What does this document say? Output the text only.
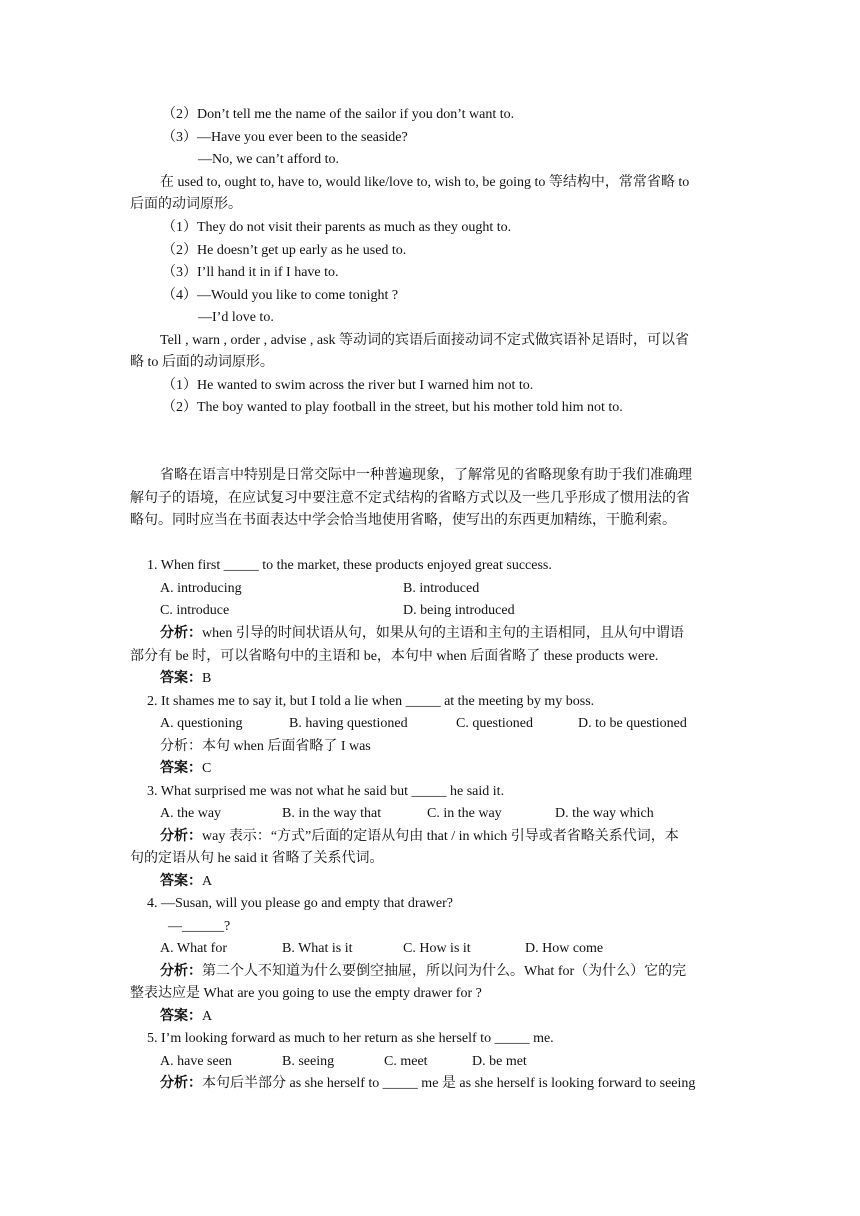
（2）Don’t tell me the name of the sailor if you don’t want to.
（3）—Have you ever been to the seaside?
—No, we can’t afford to.
在 used to, ought to, have to, would like/love to, wish to, be going to 等结构中，常常省略 to
后面的动词原形。
（1）They do not visit their parents as much as they ought to.
（2）He doesn’t get up early as he used to.
（3）I’ll hand it in if I have to.
（4）—Would you like to come tonight ?
—I’d love to.
Tell , warn , order , advise , ask 等动词的宾语后面接动词不定式做宾语补足语时，可以省
略 to 后面的动词原形。
（1）He wanted to swim across the river but I warned him not to.
（2）The boy wanted to play football in the street, but his mother told him not to.
省略在语言中特别是日常交际中一种普遍现象，了解常见的省略现象有助于我们准确理
解句子的语境，在应试复习中要注意不定式结构的省略方式以及一些几乎形成了惯用法的省
略句。同时应当在书面表达中学会恰当地使用省略，使写出的东西更加精练，干脆利索。
1. When first _____ to the market, these products enjoyed great success.
A. introducing	B. introduced
C. introduce	D. being introduced
分析：when 引导的时间状语从句，如果从句的主语和主句的主语相同，且从句中谓语
部分有 be 时，可以省略句中的主语和 be，本句中 when 后面省略了 these products were.
答案：B
2. It shames me to say it, but I told a lie when _____ at the meeting by my boss.
A. questioning	B. having questioned	C. questioned	D. to be questioned
分析：本句 when 后面省略了 I was
答案：C
3. What surprised me was not what he said but _____ he said it.
A. the way	B. in the way that	C. in the way	D. the way which
分析：way 表示：“方式”后面的定语从句由 that / in which 引导或者省略关系代词，本
句的定语从句 he said it 省略了关系代词。
答案：A
4. —Susan, will you please go and empty that drawer?
—______?
A. What for	B. What is it	C. How is it	D. How come
分析：第二个人不知道为什么要倒空抽屉，所以问为什么。What for（为什么）它的完
整表达应是 What are you going to use the empty drawer for ?
答案：A
5. I’m looking forward as much to her return as she herself to _____ me.
A. have seen	B. seeing	C. meet	D. be met
分析：本句后半部分 as she herself to _____ me 是 as she herself is looking forward to seeing
